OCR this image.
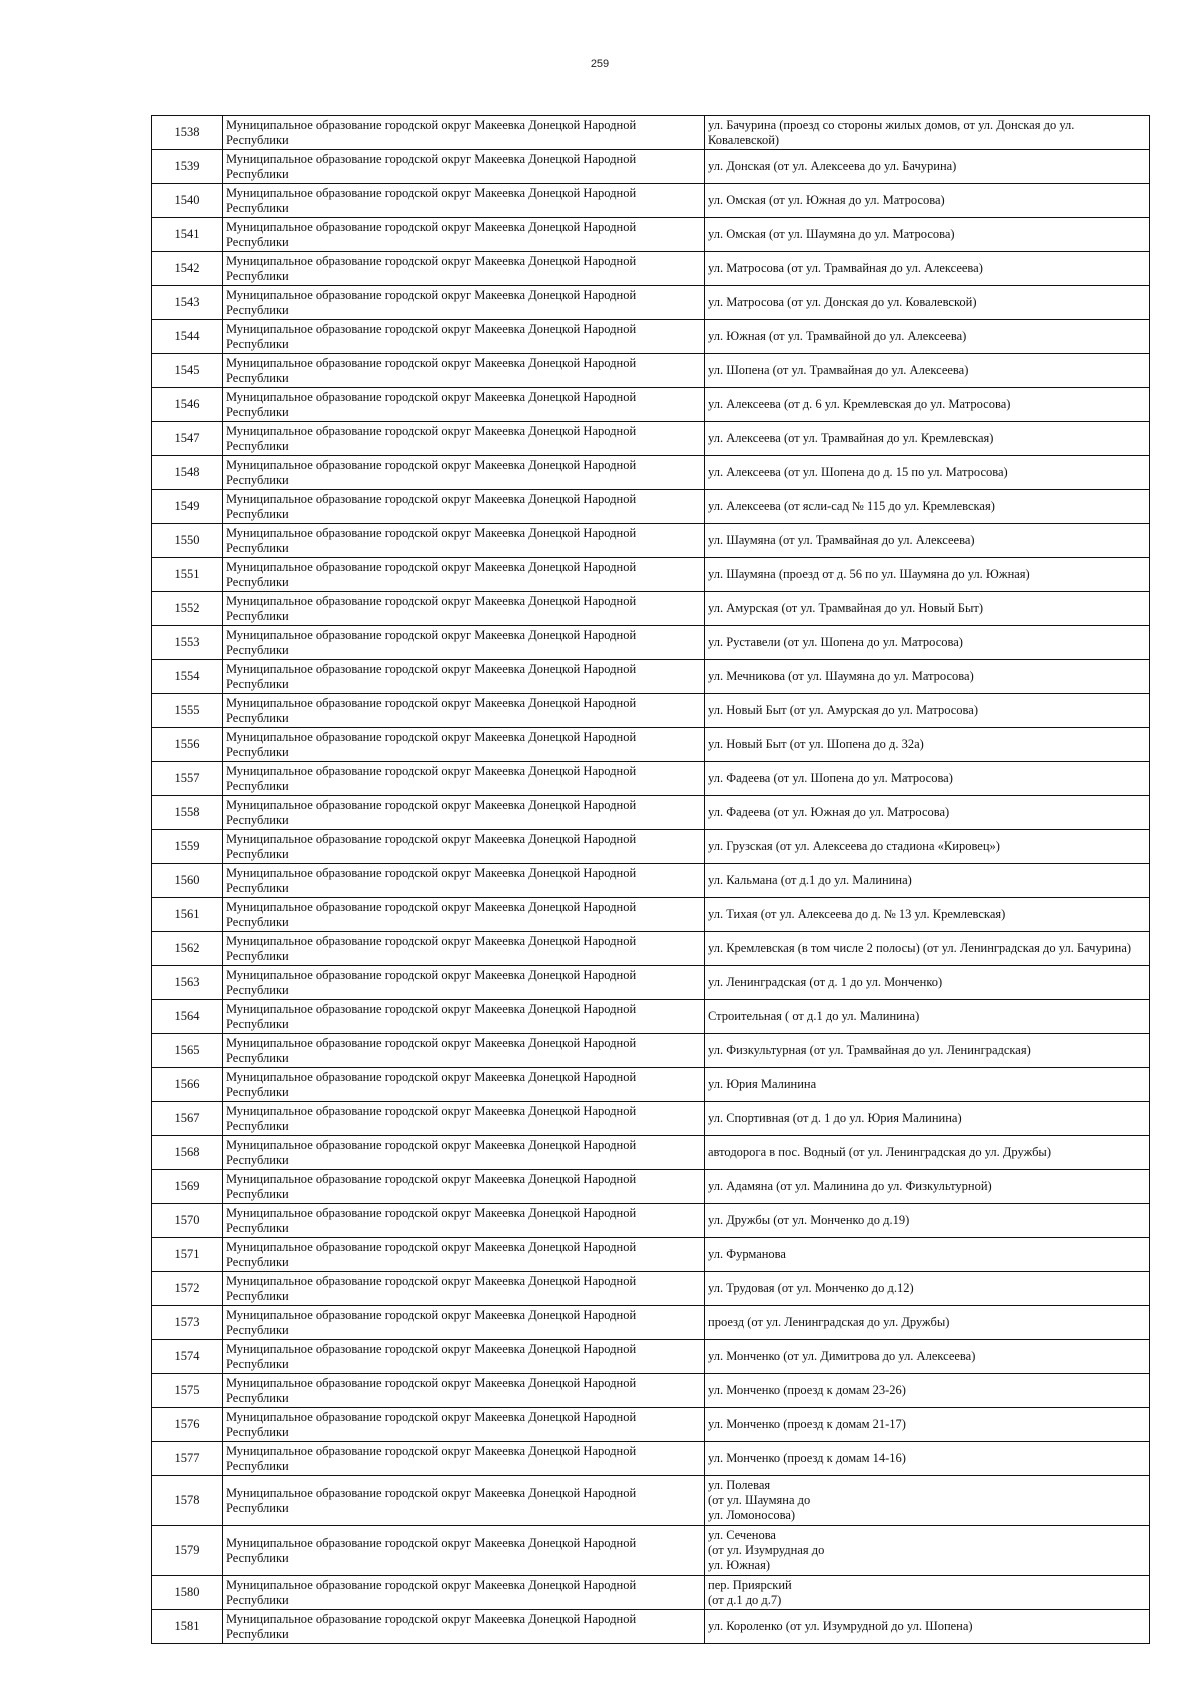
259
1538	Муниципальное образование городской округ Макеевка Донецкой Народной Республики	ул. Бачурина (проезд со стороны жилых домов, от ул. Донская до ул. Ковалевской)
1539	Муниципальное образование городской округ Макеевка Донецкой Народной Республики	ул. Донская (от ул. Алексеева до ул. Бачурина)
1540	Муниципальное образование городской округ Макеевка Донецкой Народной Республики	ул. Омская (от ул. Южная до ул. Матросова)
1541	Муниципальное образование городской округ Макеевка Донецкой Народной Республики	ул. Омская (от ул. Шаумяна до ул. Матросова)
1542	Муниципальное образование городской округ Макеевка Донецкой Народной Республики	ул. Матросова (от ул. Трамвайная до ул. Алексеева)
1543	Муниципальное образование городской округ Макеевка Донецкой Народной Республики	ул. Матросова (от ул. Донская до ул. Ковалевской)
1544	Муниципальное образование городской округ Макеевка Донецкой Народной Республики	ул. Южная (от ул. Трамвайной до ул. Алексеева)
1545	Муниципальное образование городской округ Макеевка Донецкой Народной Республики	ул. Шопена (от ул. Трамвайная до ул. Алексеева)
1546	Муниципальное образование городской округ Макеевка Донецкой Народной Республики	ул. Алексеева (от д. 6 ул. Кремлевская до ул. Матросова)
1547	Муниципальное образование городской округ Макеевка Донецкой Народной Республики	ул. Алексеева (от ул. Трамвайная до ул. Кремлевская)
1548	Муниципальное образование городской округ Макеевка Донецкой Народной Республики	ул. Алексеева (от ул. Шопена до д. 15 по ул. Матросова)
1549	Муниципальное образование городской округ Макеевка Донецкой Народной Республики	ул. Алексеева (от ясли-сад № 115 до ул. Кремлевская)
1550	Муниципальное образование городской округ Макеевка Донецкой Народной Республики	ул. Шаумяна (от ул. Трамвайная до ул. Алексеева)
1551	Муниципальное образование городской округ Макеевка Донецкой Народной Республики	ул. Шаумяна (проезд от д. 56 по ул. Шаумяна до ул. Южная)
1552	Муниципальное образование городской округ Макеевка Донецкой Народной Республики	ул. Амурская (от ул. Трамвайная до ул. Новый Быт)
1553	Муниципальное образование городской округ Макеевка Донецкой Народной Республики	ул. Руставели (от ул. Шопена до ул. Матросова)
1554	Муниципальное образование городской округ Макеевка Донецкой Народной Республики	ул. Мечникова (от ул. Шаумяна до ул. Матросова)
1555	Муниципальное образование городской округ Макеевка Донецкой Народной Республики	ул. Новый Быт (от ул. Амурская до ул. Матросова)
1556	Муниципальное образование городской округ Макеевка Донецкой Народной Республики	ул. Новый Быт (от ул. Шопена до д. 32а)
1557	Муниципальное образование городской округ Макеевка Донецкой Народной Республики	ул. Фадеева (от ул. Шопена до ул. Матросова)
1558	Муниципальное образование городской округ Макеевка Донецкой Народной Республики	ул. Фадеева (от ул. Южная до ул. Матросова)
1559	Муниципальное образование городской округ Макеевка Донецкой Народной Республики	ул. Грузская (от ул. Алексеева до стадиона «Кировец»)
1560	Муниципальное образование городской округ Макеевка Донецкой Народной Республики	ул. Кальмана (от д.1 до ул. Малинина)
1561	Муниципальное образование городской округ Макеевка Донецкой Народной Республики	ул. Тихая (от ул. Алексеева до д. № 13 ул. Кремлевская)
1562	Муниципальное образование городской округ Макеевка Донецкой Народной Республики	ул. Кремлевская (в том числе 2 полосы) (от ул. Ленинградская до ул. Бачурина)
1563	Муниципальное образование городской округ Макеевка Донецкой Народной Республики	ул. Ленинградская (от д. 1 до ул. Монченко)
1564	Муниципальное образование городской округ Макеевка Донецкой Народной Республики	Строительная ( от д.1 до ул. Малинина)
1565	Муниципальное образование городской округ Макеевка Донецкой Народной Республики	ул. Физкультурная (от ул. Трамвайная до ул. Ленинградская)
1566	Муниципальное образование городской округ Макеевка Донецкой Народной Республики	ул. Юрия Малинина
1567	Муниципальное образование городской округ Макеевка Донецкой Народной Республики	ул. Спортивная (от д. 1 до ул. Юрия Малинина)
1568	Муниципальное образование городской округ Макеевка Донецкой Народной Республики	автодорога в пос. Водный (от ул. Ленинградская до ул. Дружбы)
1569	Муниципальное образование городской округ Макеевка Донецкой Народной Республики	ул. Адамяна (от ул. Малинина до ул. Физкультурной)
1570	Муниципальное образование городской округ Макеевка Донецкой Народной Республики	ул. Дружбы (от ул. Монченко до д.19)
1571	Муниципальное образование городской округ Макеевка Донецкой Народной Республики	ул. Фурманова
1572	Муниципальное образование городской округ Макеевка Донецкой Народной Республики	ул. Трудовая (от ул. Монченко до д.12)
1573	Муниципальное образование городской округ Макеевка Донецкой Народной Республики	проезд (от ул. Ленинградская до ул. Дружбы)
1574	Муниципальное образование городской округ Макеевка Донецкой Народной Республики	ул. Монченко (от ул. Димитрова до ул. Алексеева)
1575	Муниципальное образование городской округ Макеевка Донецкой Народной Республики	ул. Монченко (проезд к домам 23-26)
1576	Муниципальное образование городской округ Макеевка Донецкой Народной Республики	ул. Монченко (проезд к домам 21-17)
1577	Муниципальное образование городской округ Макеевка Донецкой Народной Республики	ул. Монченко (проезд к домам 14-16)
1578	Муниципальное образование городской округ Макеевка Донецкой Народной Республики	ул. Полевая
(от ул. Шаумяна до
ул. Ломоносова)
1579	Муниципальное образование городской округ Макеевка Донецкой Народной Республики	ул. Сеченова
(от ул. Изумрудная до
ул. Южная)
1580	Муниципальное образование городской округ Макеевка Донецкой Народной Республики	пер. Приярский
(от д.1 до д.7)
1581	Муниципальное образование городской округ Макеевка Донецкой Народной Республики	ул. Короленко (от ул. Изумрудной до ул. Шопена)
